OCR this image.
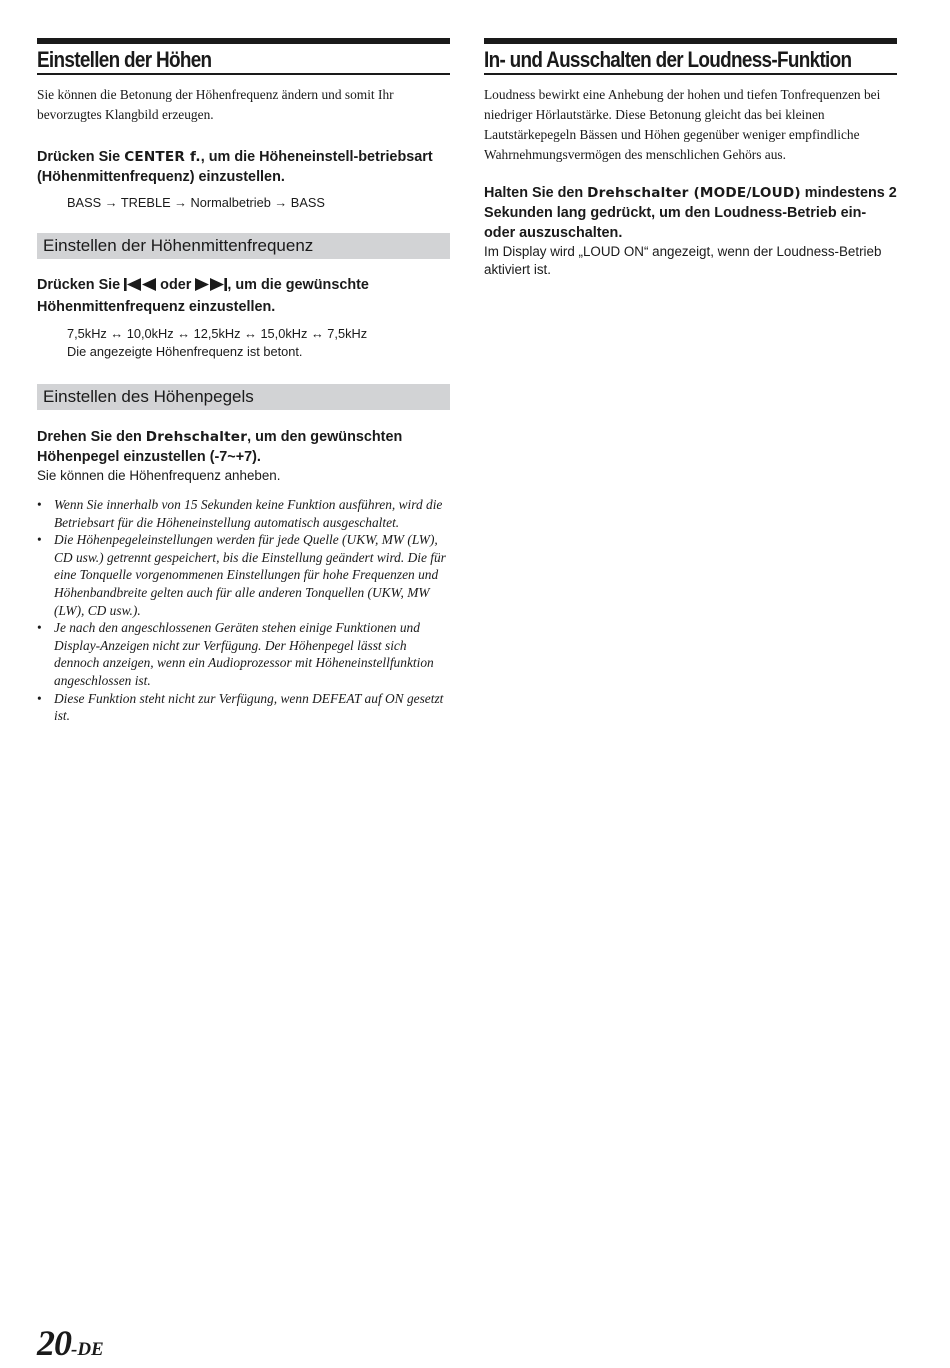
Einstellen der Höhen

Sie können die Betonung der Höhenfrequenz ändern und somit Ihr bevorzugtes Klangbild erzeugen.

Drücken Sie CENTER f., um die Höheneinstell-betriebsart (Höhenmittenfrequenz) einzustellen.
BASS → TREBLE → Normalbetrieb → BASS
Einstellen der Höhenmittenfrequenz
Drücken Sie  oder , um die gewünschte Höhenmittenfrequenz einzustellen.
7,5kHz ↔ 10,0kHz ↔ 12,5kHz ↔ 15,0kHz ↔ 7,5kHz
Die angezeigte Höhenfrequenz ist betont.
Einstellen des Höhenpegels
Drehen Sie den Drehschalter, um den gewünschten Höhenpegel einzustellen (-7~+7).
Sie können die Höhenfrequenz anheben.
• Wenn Sie innerhalb von 15 Sekunden keine Funktion ausführen, wird die Betriebsart für die Höheneinstellung automatisch ausgeschaltet.
• Die Höhenpegeleinstellungen werden für jede Quelle (UKW, MW (LW), CD usw.) getrennt gespeichert, bis die Einstellung geändert wird. Die für eine Tonquelle vorgenommenen Einstellungen für hohe Frequenzen und Höhenbandbreite gelten auch für alle anderen Tonquellen (UKW, MW (LW), CD usw.).
• Je nach den angeschlossenen Geräten stehen einige Funktionen und Display-Anzeigen nicht zur Verfügung. Der Höhenpegel lässt sich dennoch anzeigen, wenn ein Audioprozessor mit Höheneinstellfunktion angeschlossen ist.
• Diese Funktion steht nicht zur Verfügung, wenn DEFEAT auf ON gesetzt ist.
In- und Ausschalten der Loudness-Funktion

Loudness bewirkt eine Anhebung der hohen und tiefen Tonfrequenzen bei niedriger Hörlautstärke. Diese Betonung gleicht das bei kleinen Lautstärkepegeln Bässen und Höhen gegenüber weniger empfindliche Wahrnehmungsvermögen des menschlichen Gehörs aus.

Halten Sie den Drehschalter (MODE/LOUD) mindestens 2 Sekunden lang gedrückt, um den Loudness-Betrieb ein- oder auszuschalten.
Im Display wird „LOUD ON“ angezeigt, wenn der Loudness-Betrieb aktiviert ist.
20-DE
